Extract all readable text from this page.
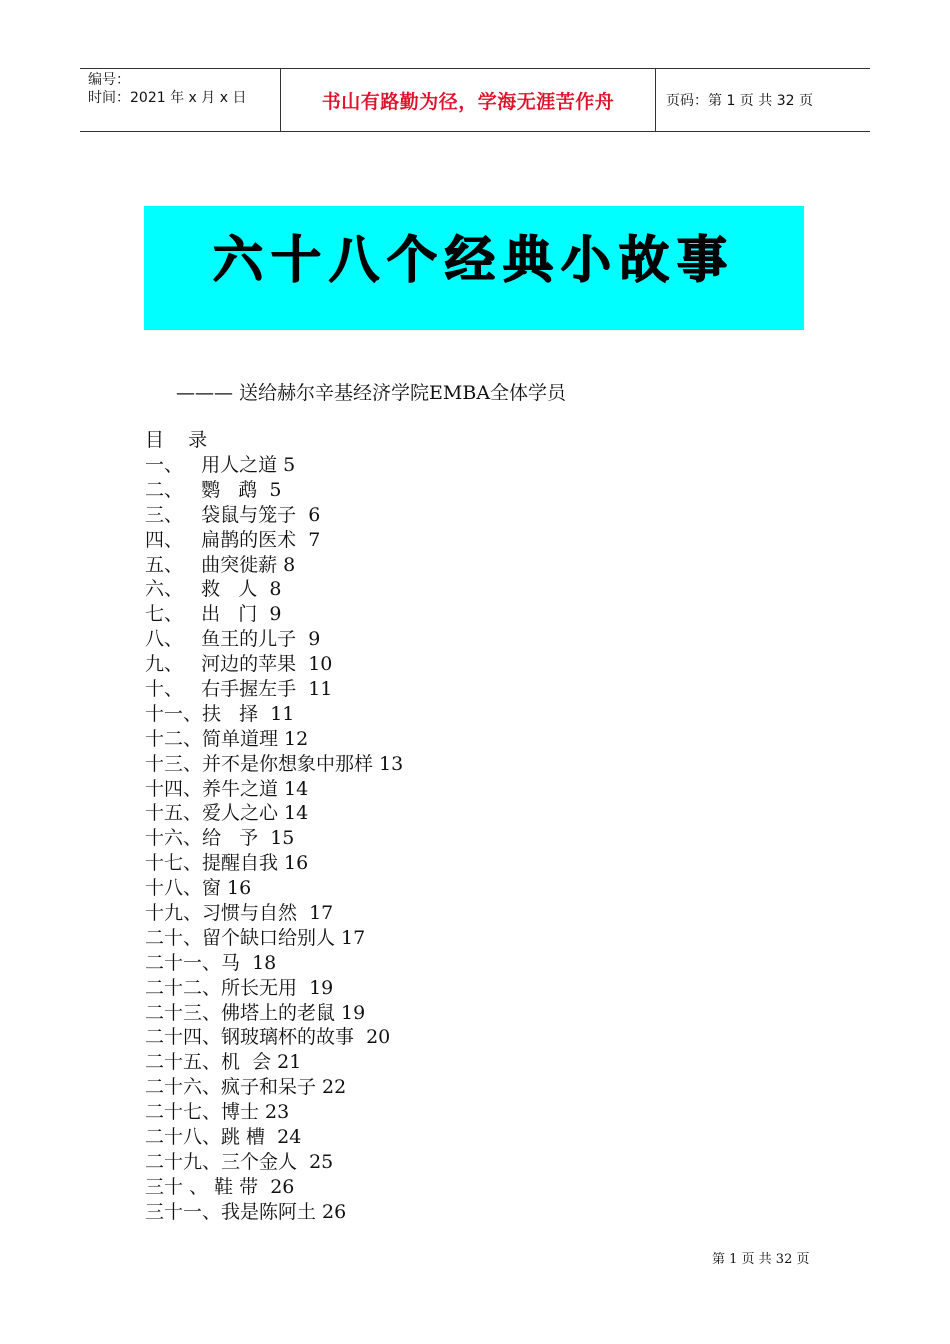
编号：
时间：2021 年 x 月 x 日	书山有路勤为径，学海无涯苦作舟	页码：第 1 页 共 32 页
六十八个经典小故事
——— 送给赫尔辛基经济学院EMBA全体学员
目    录
一、   用人之道 5
二、   鹦   鹉  5
三、   袋鼠与笼子  6
四、   扁鹊的医术  7
五、   曲突徙薪 8
六、   救   人  8
七、   出   门  9
八、   鱼王的儿子  9
九、   河边的苹果  10
十、   右手握左手  11
十一、扶   择  11
十二、简单道理 12
十三、并不是你想象中那样 13
十四、养牛之道 14
十五、爱人之心 14
十六、给   予  15
十七、提醒自我 16
十八、窗 16
十九、习惯与自然  17
二十、留个缺口给别人 17
二十一、马  18
二十二、所长无用  19
二十三、佛塔上的老鼠 19
二十四、钢玻璃杯的故事  20
二十五、机  会 21
二十六、疯子和呆子 22
二十七、博士 23
二十八、跳 槽  24
二十九、三个金人  25
三十 、 鞋 带  26
三十一、我是陈阿土 26
第 1 页 共 32 页
